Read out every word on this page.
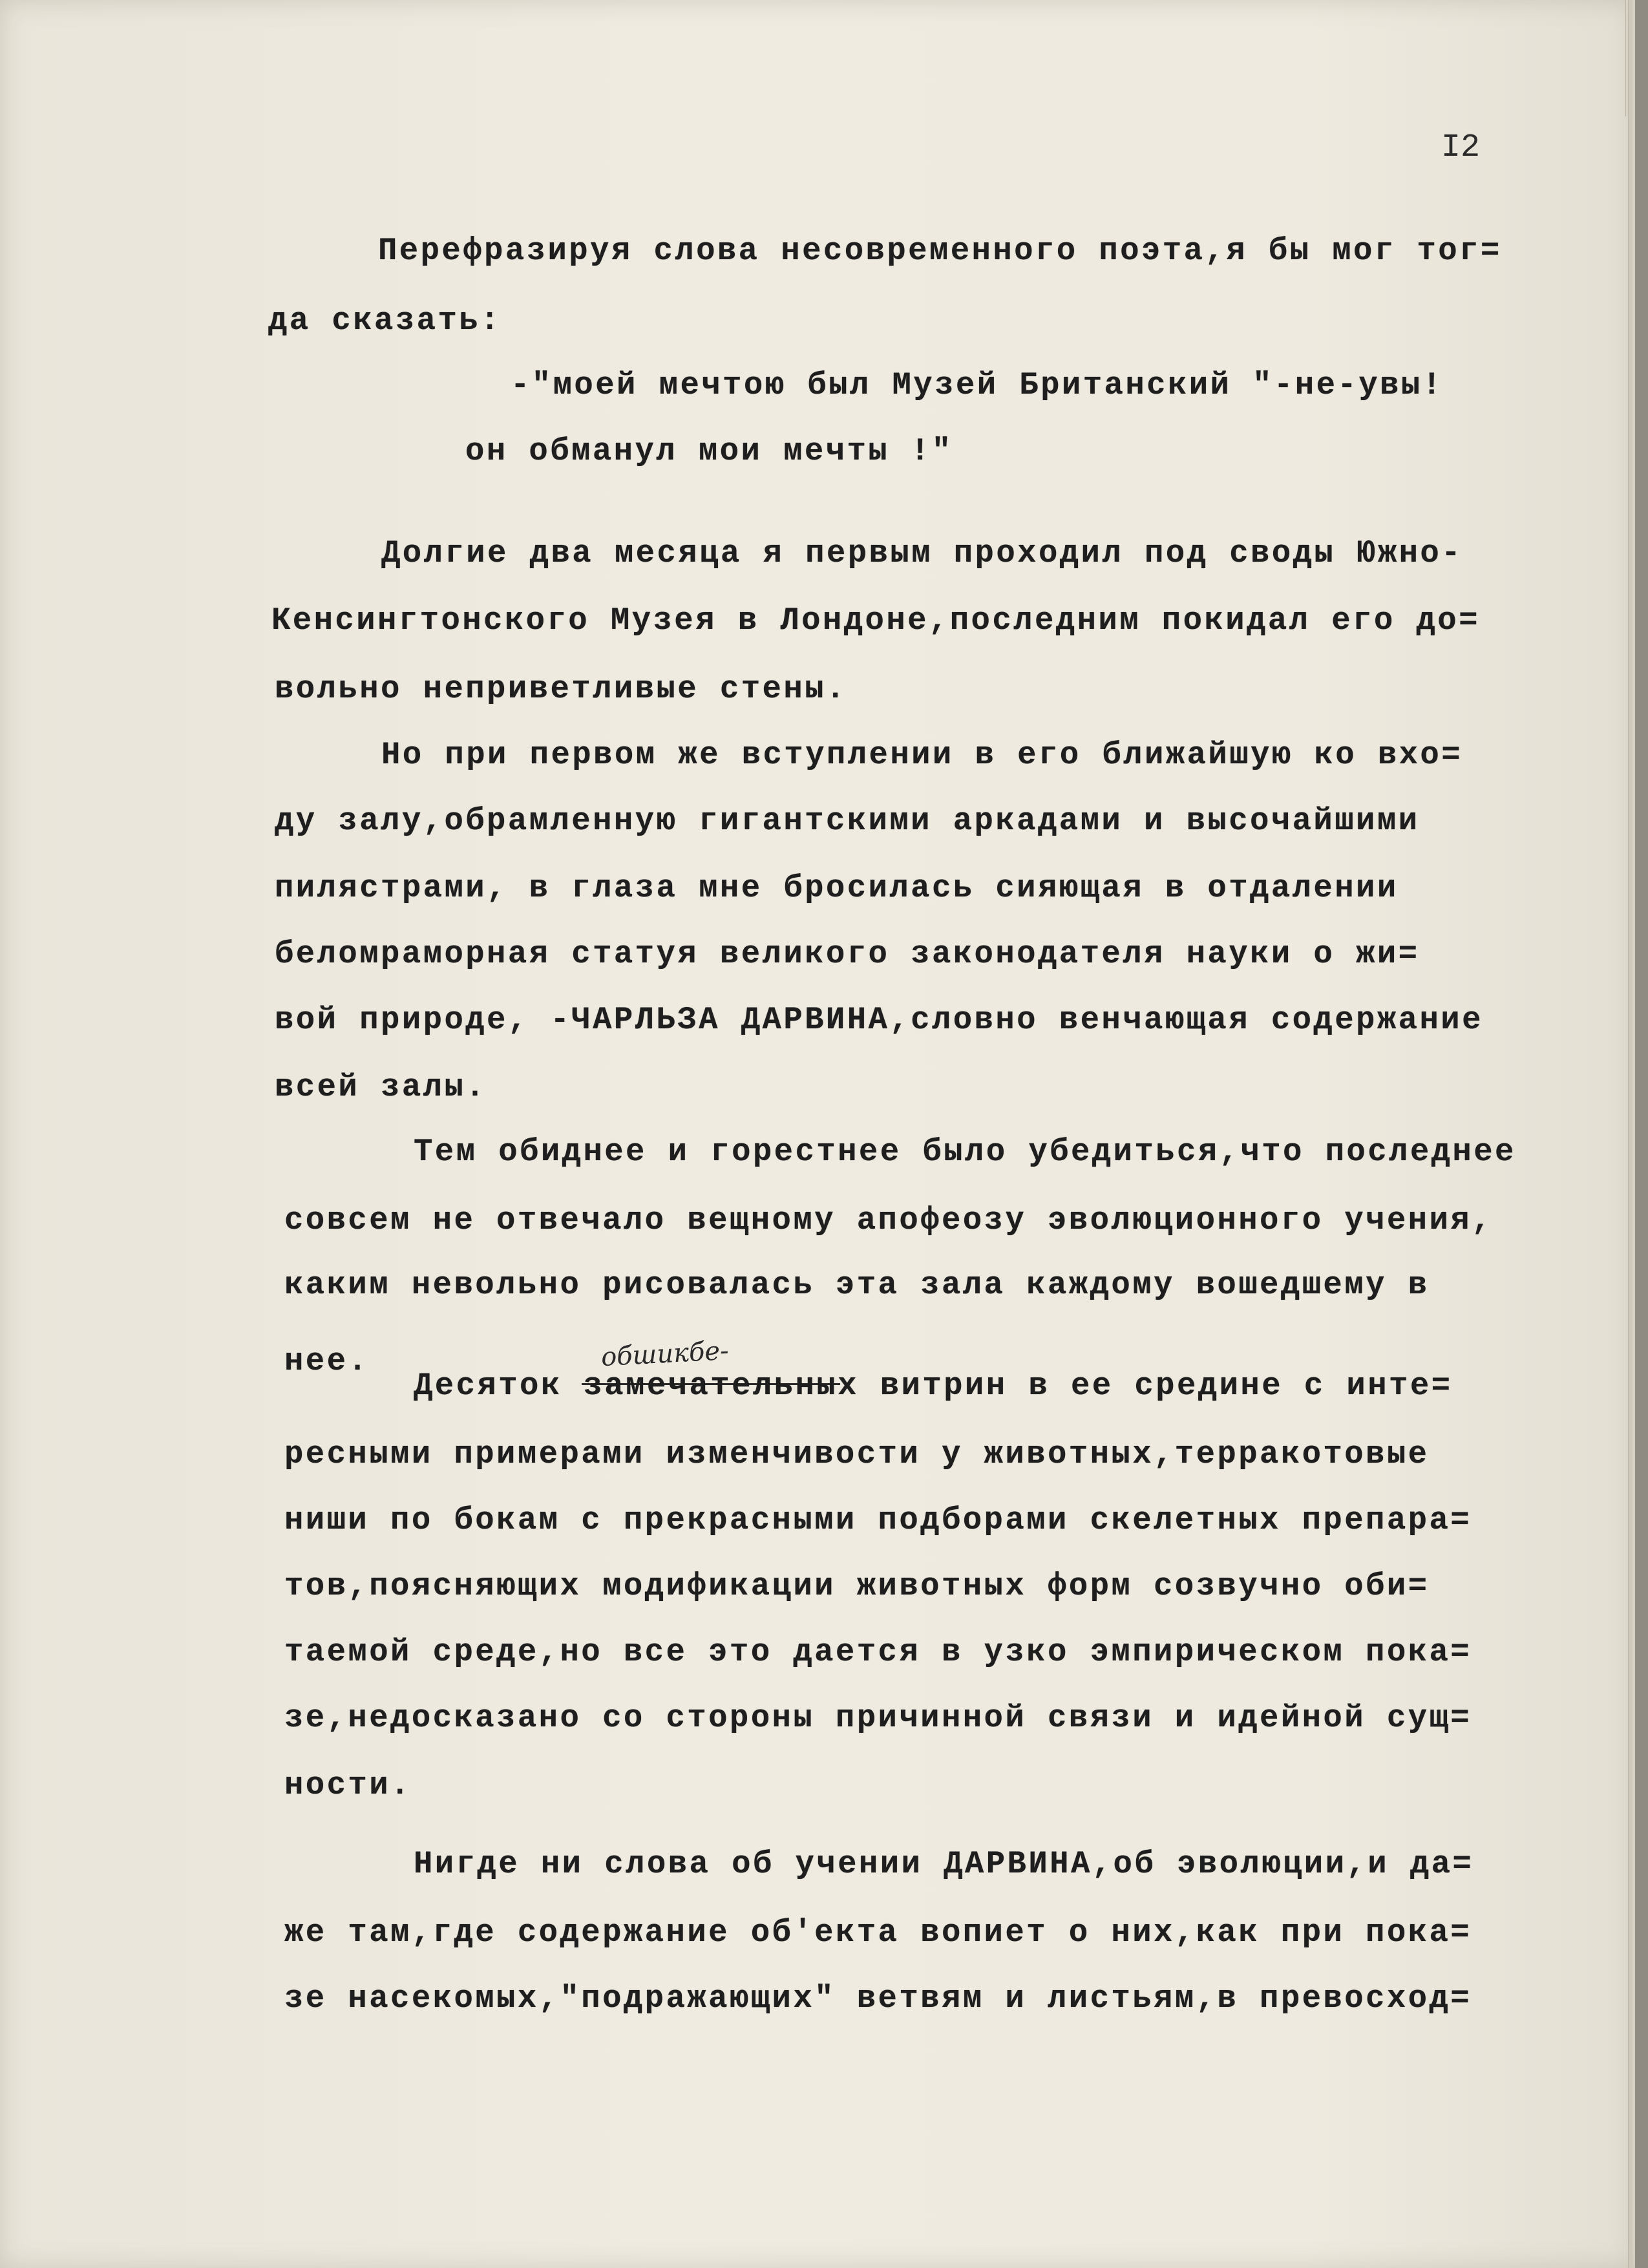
I2
Перефразируя слова несовременного поэта,я бы мог тог=
да сказать:
-"моей мечтою был Музей Британский "-не-увы!
он обманул мои мечты !"
Долгие два месяца я первым проходил под своды Южно-
Кенсингтонского Музея в Лондоне,последним покидал его до=
вольно неприветливые стены.
Но при первом же вступлении в его ближайшую ко вхо=
ду залу,обрамленную гигантскими аркадами и высочайшими
пилястрами, в глаза мне бросилась сияющая в отдалении
беломраморная статуя великого законодателя науки о жи=
вой природе, -ЧАРЛЬЗА ДАРВИНА,словно венчающая содержание
всей залы.
Тем обиднее и горестнее было убедиться,что последнее
совсем не отвечало вещному апофеозу эволюционного учения,
каким невольно рисовалась эта зала каждому вошедшему в
нее.	обшикбе-
Десяток замечательных витрин в ее средине с инте=
ресными примерами изменчивости у животных,терракотовые
ниши по бокам с прекрасными подборами скелетных препара=
тов,поясняющих модификации животных форм созвучно оби=
таемой среде,но все это дается в узко эмпирическом пока=
зе,недосказано со стороны причинной связи и идейной сущ=
ности.
Нигде ни слова об учении ДАРВИНА,об эволюции,и да=
же там,где содержание об'екта вопиет о них,как при пока=
зе насекомых,"подражающих" ветвям и листьям,в превосход=
